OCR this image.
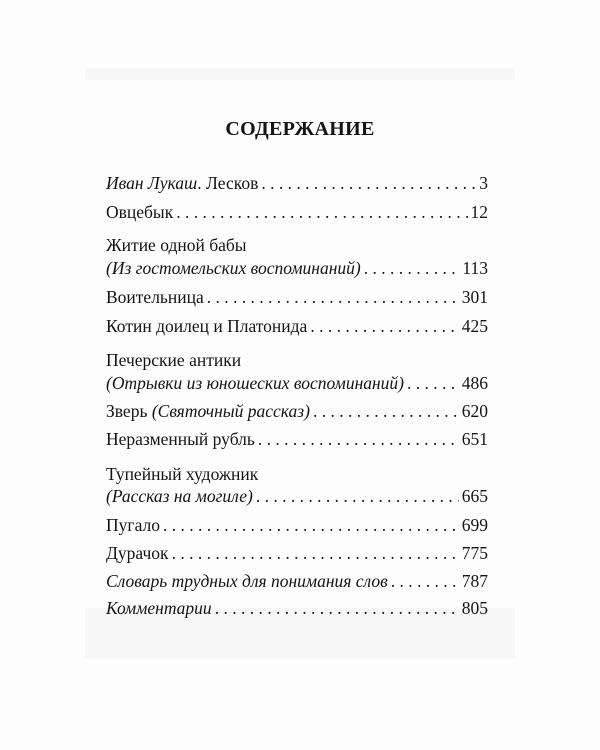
СОДЕРЖАНИЕ
Иван Лукаш. Лесков . . .	3
Овцебык . . .	12
Житие одной бабы
(Из гостомельских воспоминаний) . . .	113
Воительница . . .	301
Котин доилец и Платонида . . .	425
Печерские антики
(Отрывки из юношеских воспоминаний) . . .	486
Зверь (Святочный рассказ) . . .	620
Неразменный рубль . . .	651
Тупейный художник
(Рассказ на могиле) . . .	665
Пугало . . .	699
Дурачок . . .	775
Словарь трудных для понимания слов . . .	787
Комментарии . . .	805
